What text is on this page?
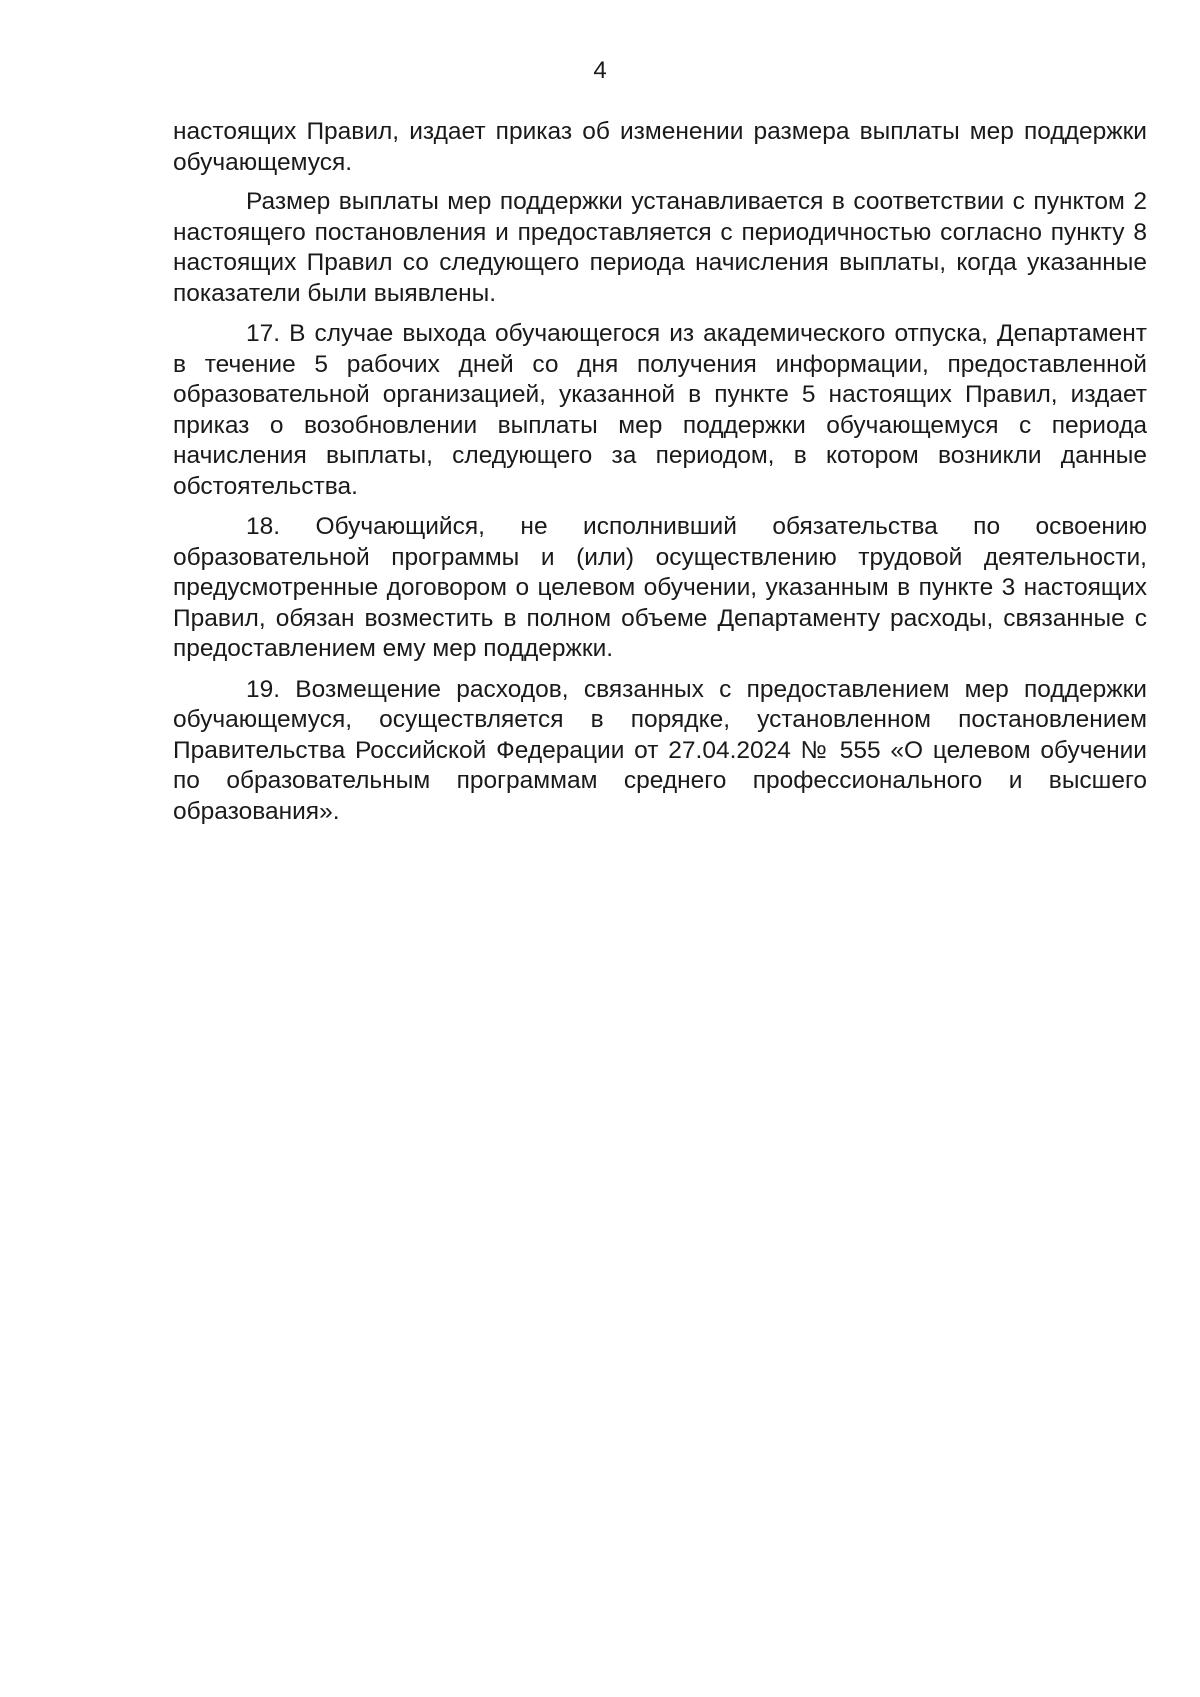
4

настоящих Правил, издает приказ об изменении размера выплаты мер поддержки обучающемуся.

Размер выплаты мер поддержки устанавливается в соответствии с пунктом 2 настоящего постановления и предоставляется с периодичностью согласно пункту 8 настоящих Правил со следующего периода начисления выплаты, когда указанные показатели были выявлены.

17. В случае выхода обучающегося из академического отпуска, Департамент в течение 5 рабочих дней со дня получения информации, предоставленной образовательной организацией, указанной в пункте 5 настоящих Правил, издает приказ о возобновлении выплаты мер поддержки обучающемуся с периода начисления выплаты, следующего за периодом, в котором возникли данные обстоятельства.

18. Обучающийся, не исполнивший обязательства по освоению образовательной программы и (или) осуществлению трудовой деятельности, предусмотренные договором о целевом обучении, указанным в пункте 3 настоящих Правил, обязан возместить в полном объеме Департаменту расходы, связанные с предоставлением ему мер поддержки.

19. Возмещение расходов, связанных с предоставлением мер поддержки обучающемуся, осуществляется в порядке, установленном постановлением Правительства Российской Федерации от 27.04.2024 № 555 «О целевом обучении по образовательным программам среднего профессионального и высшего образования».
